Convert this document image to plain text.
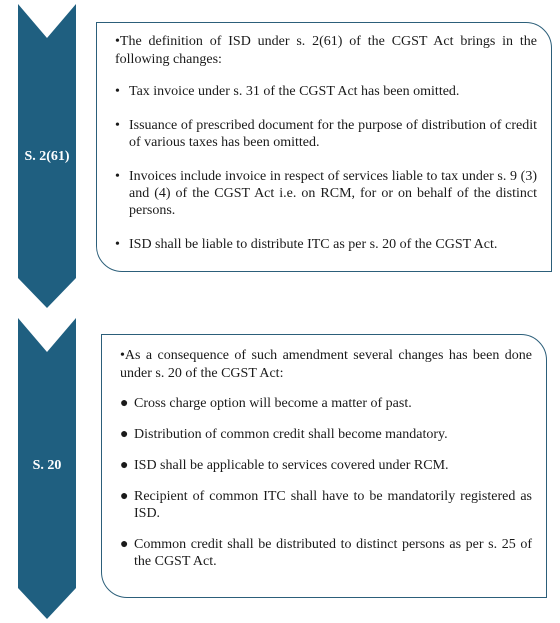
S. 2(61)

•The definition of ISD under s. 2(61) of the CGST Act brings in the following changes:

• Tax invoice under s. 31 of the CGST Act has been omitted.
• Issuance of prescribed document for the purpose of distribution of credit of various taxes has been omitted.
• Invoices include invoice in respect of services liable to tax under s. 9 (3) and (4) of the CGST Act i.e. on RCM, for or on behalf of the distinct persons.
• ISD shall be liable to distribute ITC as per s. 20 of the CGST Act.
S. 20

•As a consequence of such amendment several changes has been done under s. 20 of the CGST Act:

● Cross charge option will become a matter of past.
● Distribution of common credit shall become mandatory.
● ISD shall be applicable to services covered under RCM.
● Recipient of common ITC shall have to be mandatorily registered as ISD.
● Common credit shall be distributed to distinct persons as per s. 25 of the CGST Act.
